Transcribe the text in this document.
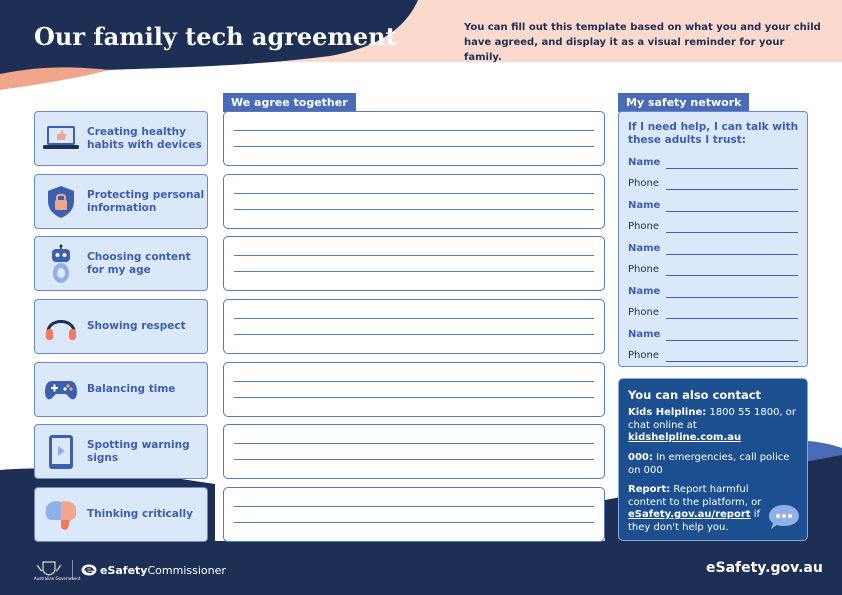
Our family tech agreement	You can fill out this template based on what you and your child have agreed, and display it as a visual reminder for your family.
We agree together
Creating healthy habits with devices
Protecting personal information
Choosing content for my age
Showing respect
Balancing time
Spotting warning signs
Thinking critically
My safety network
If I need help, I can talk with these adults I trust:
Name
Phone
Name
Phone
Name
Phone
Name
Phone
Name
Phone
You can also contact
Kids Helpline: 1800 55 1800, or chat online at kidshelpline.com.au
000: In emergencies, call police on 000
Report: Report harmful content to the platform, or eSafety.gov.au/report if they don't help you.
Australian Government
eSafetyCommissioner	eSafety.gov.au
